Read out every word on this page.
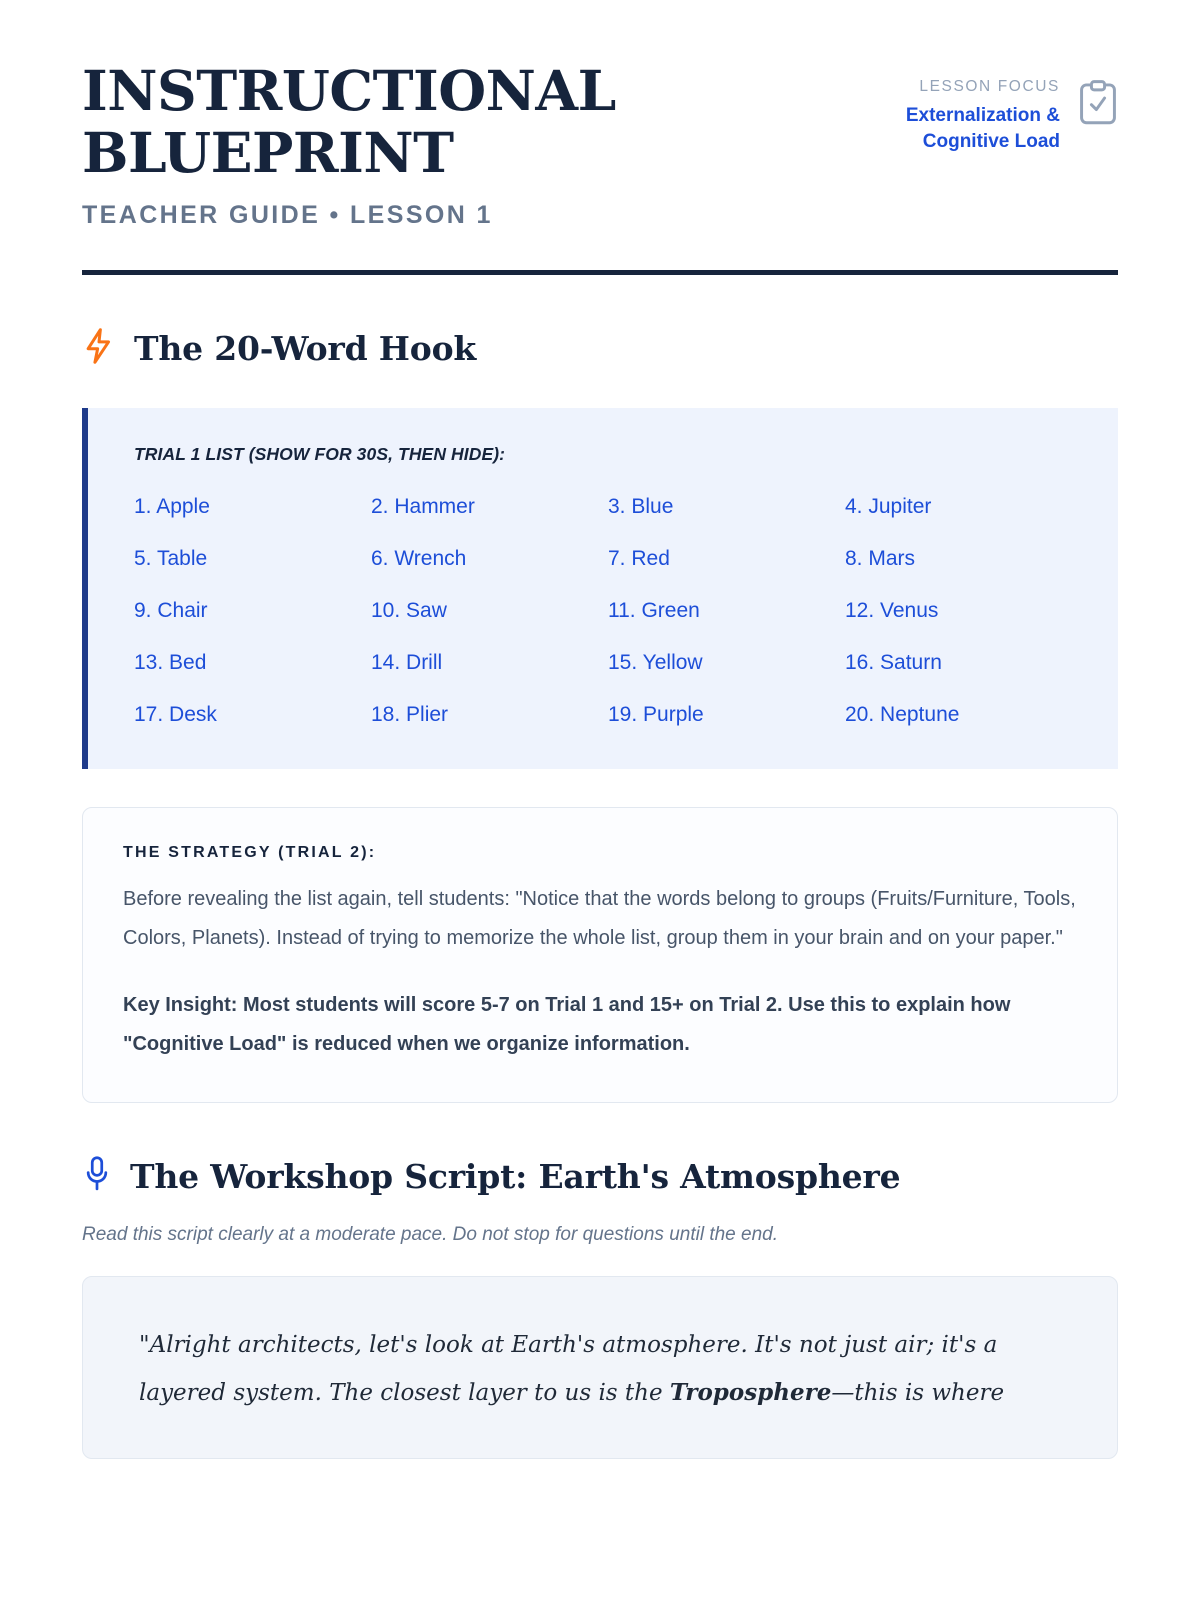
INSTRUCTIONAL
BLUEPRINT
TEACHER GUIDE • LESSON 1
LESSON FOCUS
Externalization & Cognitive Load
The 20-Word Hook
TRIAL 1 LIST (SHOW FOR 30S, THEN HIDE):
1. Apple	2. Hammer	3. Blue	4. Jupiter
5. Table	6. Wrench	7. Red	8. Mars
9. Chair	10. Saw	11. Green	12. Venus
13. Bed	14. Drill	15. Yellow	16. Saturn
17. Desk	18. Plier	19. Purple	20. Neptune
THE STRATEGY (TRIAL 2):
Before revealing the list again, tell students: "Notice that the words belong to groups (Fruits/Furniture, Tools, Colors, Planets). Instead of trying to memorize the whole list, group them in your brain and on your paper."
Key Insight: Most students will score 5-7 on Trial 1 and 15+ on Trial 2. Use this to explain how "Cognitive Load" is reduced when we organize information.
The Workshop Script: Earth's Atmosphere
Read this script clearly at a moderate pace. Do not stop for questions until the end.
"Alright architects, let's look at Earth's atmosphere. It's not just air; it's a layered system. The closest layer to us is the Troposphere—this is where
